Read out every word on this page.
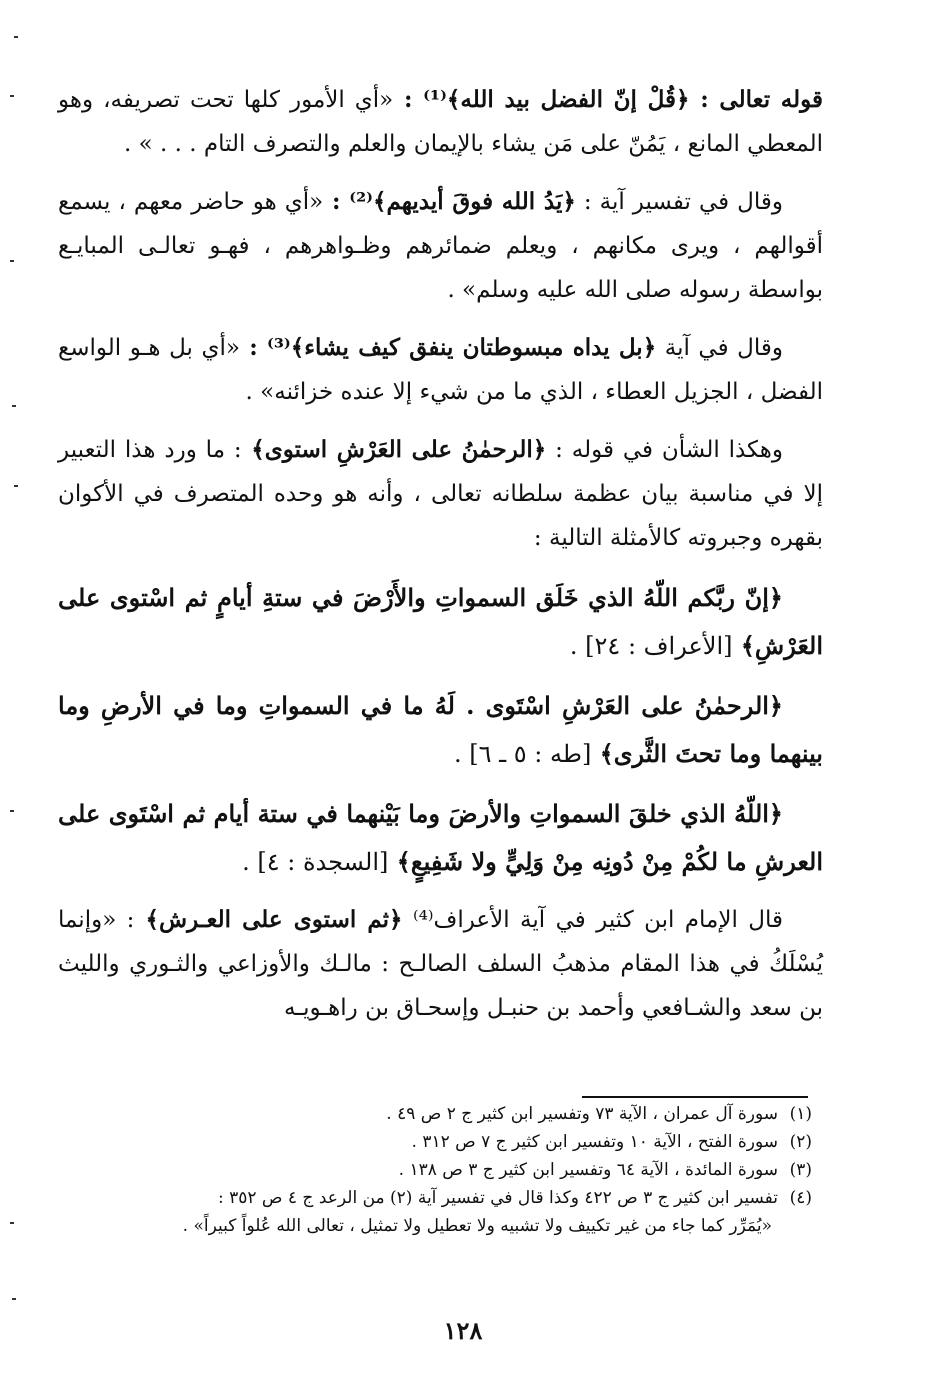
قوله تعالى : ﴿قُلْ إنّ الفضل بيد الله﴾⁽¹⁾ : «أي الأمور كلها تحت تصريفه، وهو المعطي المانع ، يَمُنّ على مَن يشاء بالإيمان والعلم والتصرف التام . . . » .

وقال في تفسير آية : ﴿يَدُ الله فوقَ أيديهم﴾⁽²⁾ : «أي هو حاضر معهم ، يسمع أقوالهم ، ويرى مكانهم ، ويعلم ضمائرهم وظـواهرهم ، فهـو تعالـى المبايـع بواسطة رسوله صلى الله عليه وسلم» .

وقال في آية ﴿بل يداه مبسوطتان ينفق كيف يشاء﴾⁽³⁾ : «أي بل هـو الواسع الفضل ، الجزيل العطاء ، الذي ما من شيء إلا عنده خزائنه» .

وهكذا الشأن في قوله : ﴿الرحمٰنُ على العَرْشِ استوى﴾ : ما ورد هذا التعبير إلا في مناسبة بيان عظمة سلطانه تعالى ، وأنه هو وحده المتصرف في الأكوان بقهره وجبروته كالأمثلة التالية :

﴿إنّ ربَّكم اللّهُ الذي خَلَق السمواتِ والأَرْضَ في ستةِ أيامٍ ثم اسْتوى على العَرْشِ﴾ [الأعراف : ٢٤] .

﴿الرحمٰنُ على العَرْشِ اسْتَوى . لَهُ ما في السمواتِ وما في الأرضِ وما بينهما وما تحتَ الثَّرى﴾ [طه : ٥ ـ ٦] .

﴿اللّهُ الذي خلقَ السمواتِ والأرضَ وما بَيْنهما في ستة أيام ثم اسْتَوى على العرشِ ما لكُمْ مِنْ دُونِه مِنْ وَلِيٍّ ولا شَفِيعٍ﴾ [السجدة : ٤] .

قال الإمام ابن كثير في آية الأعراف⁽⁴⁾ ﴿ثم استوى على العـرش﴾ : «وإنما يُسْلَكُ في هذا المقام مذهبُ السلف الصالـح : مالـك والأوزاعي والثـوري والليث بن سعد والشـافعي وأحمد بن حنبـل وإسحـاق بن راهـويـه

(١)سورة آل عمران ، الآية ٧٣ وتفسير ابن كثير ج ٢ ص ٤٩ .

(٢)سورة الفتح ، الآية ١٠ وتفسير ابن كثير ج ٧ ص ٣١٢ .

(٣)سورة المائدة ، الآية ٦٤ وتفسير ابن كثير ج ٣ ص ١٣٨ .

(٤)تفسير ابن كثير ج ٣ ص ٤٢٢ وكذا قال في تفسير آية (٢) من الرعد ج ٤ ص ٣٥٢ :

«يُمَرِّر كما جاء من غير تكييف ولا تشبيه ولا تعطيل ولا تمثيل ، تعالى الله عُلواً كبيراً» .

١٢٨
